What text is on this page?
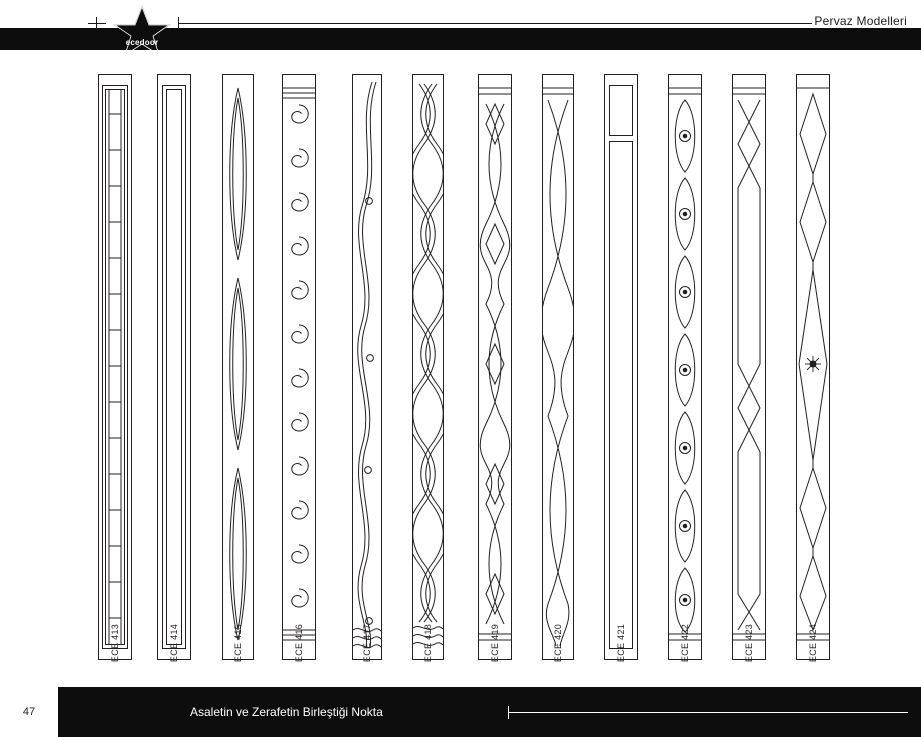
Pervaz Modelleri
ecedoor
ECE 413	ECE 414	ECE 415	ECE 416	ECE 417	ECE 418	ECE 419	ECE 420	ECE 421	ECE 422	ECE 423	ECE 424
47	Asaletin ve Zerafetin Birleştiği Nokta
